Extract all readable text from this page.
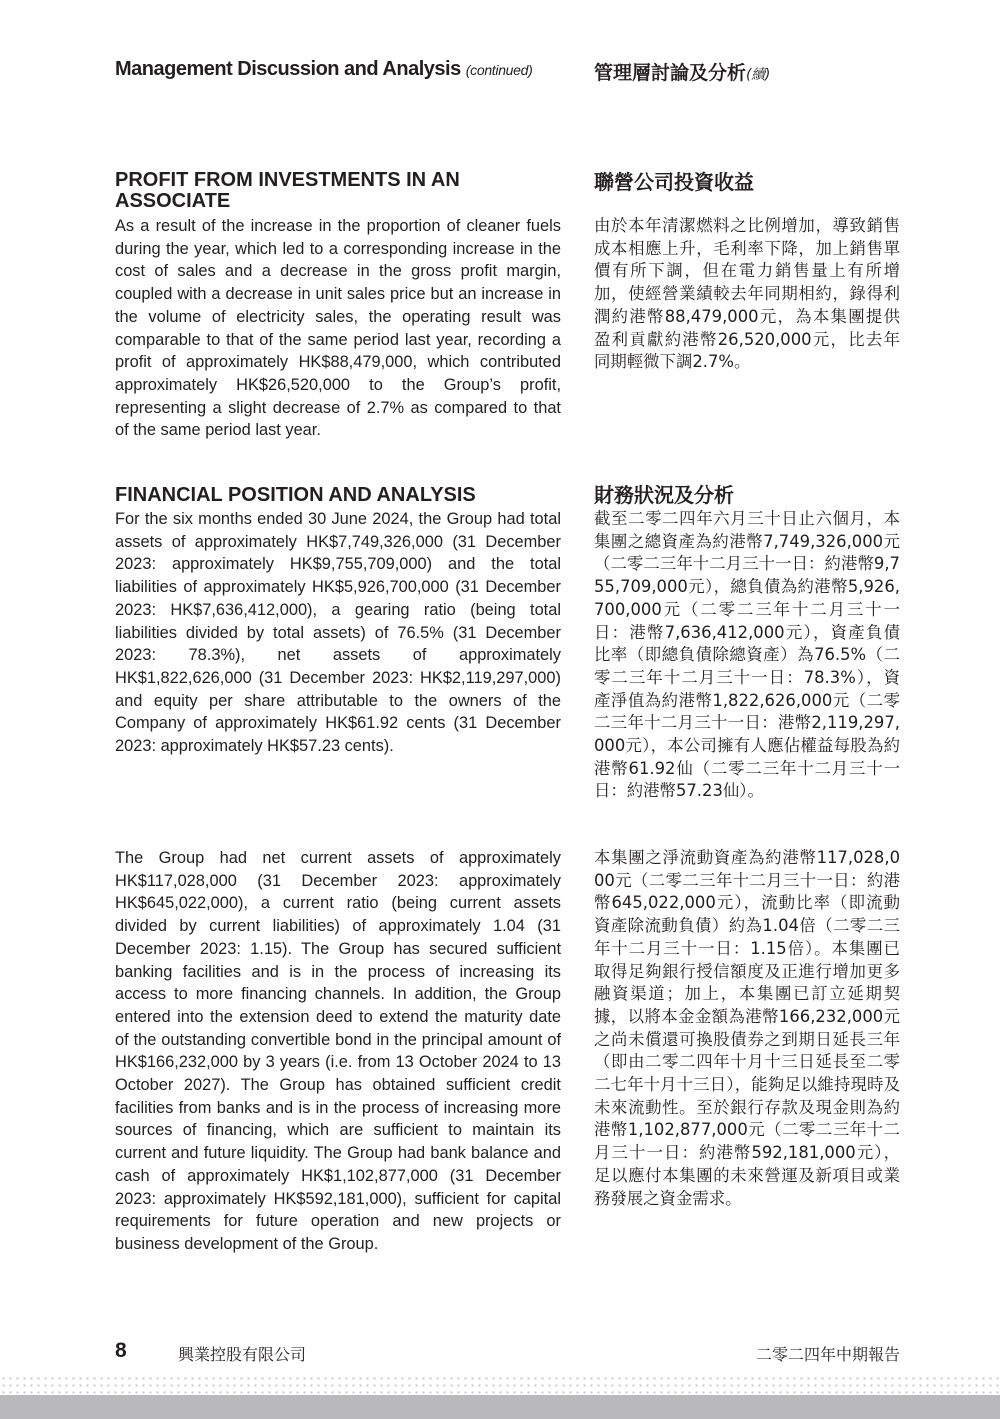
Management Discussion and Analysis (continued)	管理層討論及分析(續)
PROFIT FROM INVESTMENTS IN AN ASSOCIATE
聯營公司投資收益

As a result of the increase in the proportion of cleaner fuels during the year, which led to a corresponding increase in the cost of sales and a decrease in the gross profit margin, coupled with a decrease in unit sales price but an increase in the volume of electricity sales, the operating result was comparable to that of the same period last year, recording a profit of approximately HK$88,479,000, which contributed approximately HK$26,520,000 to the Group’s profit, representing a slight decrease of 2.7% as compared to that of the same period last year.

由於本年清潔燃料之比例增加，導致銷售成本相應上升，毛利率下降，加上銷售單價有所下調，但在電力銷售量上有所增加，使經營業績較去年同期相約，錄得利潤約港幣88,479,000元，為本集團提供盈利貢獻約港幣26,520,000元，比去年同期輕微下調2.7%。

FINANCIAL POSITION AND ANALYSIS	財務狀況及分析

For the six months ended 30 June 2024, the Group had total assets of approximately HK$7,749,326,000 (31 December 2023: approximately HK$9,755,709,000) and the total liabilities of approximately HK$5,926,700,000 (31 December 2023: HK$7,636,412,000), a gearing ratio (being total liabilities divided by total assets) of 76.5% (31 December 2023: 78.3%), net assets of approximately HK$1,822,626,000 (31 December 2023: HK$2,119,297,000) and equity per share attributable to the owners of the Company of approximately HK$61.92 cents (31 December 2023: approximately HK$57.23 cents).

截至二零二四年六月三十日止六個月，本集團之總資產為約港幣7,749,326,000元（二零二三年十二月三十一日：約港幣9,755,709,000元），總負債為約港幣5,926,700,000元（二零二三年十二月三十一日：港幣7,636,412,000元），資產負債比率（即總負債除總資產）為76.5%（二零二三年十二月三十一日：78.3%），資產淨值為約港幣1,822,626,000元（二零二三年十二月三十一日：港幣2,119,297,000元），本公司擁有人應佔權益每股為約港幣61.92仙（二零二三年十二月三十一日：約港幣57.23仙）。

The Group had net current assets of approximately HK$117,028,000 (31 December 2023: approximately HK$645,022,000), a current ratio (being current assets divided by current liabilities) of approximately 1.04 (31 December 2023: 1.15). The Group has secured sufficient banking facilities and is in the process of increasing its access to more financing channels. In addition, the Group entered into the extension deed to extend the maturity date of the outstanding convertible bond in the principal amount of HK$166,232,000 by 3 years (i.e. from 13 October 2024 to 13 October 2027). The Group has obtained sufficient credit facilities from banks and is in the process of increasing more sources of financing, which are sufficient to maintain its current and future liquidity. The Group had bank balance and cash of approximately HK$1,102,877,000 (31 December 2023: approximately HK$592,181,000), sufficient for capital requirements for future operation and new projects or business development of the Group.

本集團之淨流動資產為約港幣117,028,000元（二零二三年十二月三十一日：約港幣645,022,000元），流動比率（即流動資產除流動負債）約為1.04倍（二零二三年十二月三十一日：1.15倍）。本集團已取得足夠銀行授信額度及正進行增加更多融資渠道；加上，本集團已訂立延期契據，以將本金金額為港幣166,232,000元之尚未償還可換股債券之到期日延長三年（即由二零二四年十月十三日延長至二零二七年十月十三日），能夠足以維持現時及未來流動性。至於銀行存款及現金則為約港幣1,102,877,000元（二零二三年十二月三十一日：約港幣592,181,000元），足以應付本集團的未來營運及新項目或業務發展之資金需求。

8	興業控股有限公司	二零二四年中期報告
